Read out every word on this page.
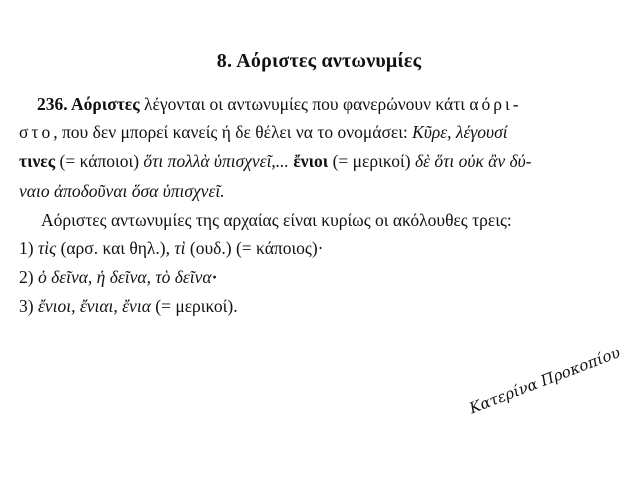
8. Αόριστες αντωνυμίες
236. Αόριστες λέγονται οι αντωνυμίες που φανερώνουν κάτι αόρι-
στο, που δεν μπορεί κανείς ή δε θέλει να το ονομάσει: Κῦρε, λέγουσί
τινες (= κάποιοι) ὅτι πολλὰ ὑπισχνεῖ,... ἔνιοι (= μερικοί) δὲ ὅτι οὐκ ἂν δύ-
ναιο ἀποδοῦναι ὅσα ὑπισχνεῖ.
Αόριστες αντωνυμίες της αρχαίας είναι κυρίως οι ακόλουθες τρεις:
1) τὶς (αρσ. και θηλ.), τὶ (ουδ.) (= κάποιος)·
2) ὁ δεῖνα, ἡ δεῖνα, τὸ δεῖνα·
3) ἔνιοι, ἔνιαι, ἔνια (= μερικοί).
Κατερίνα Προκοπίου
